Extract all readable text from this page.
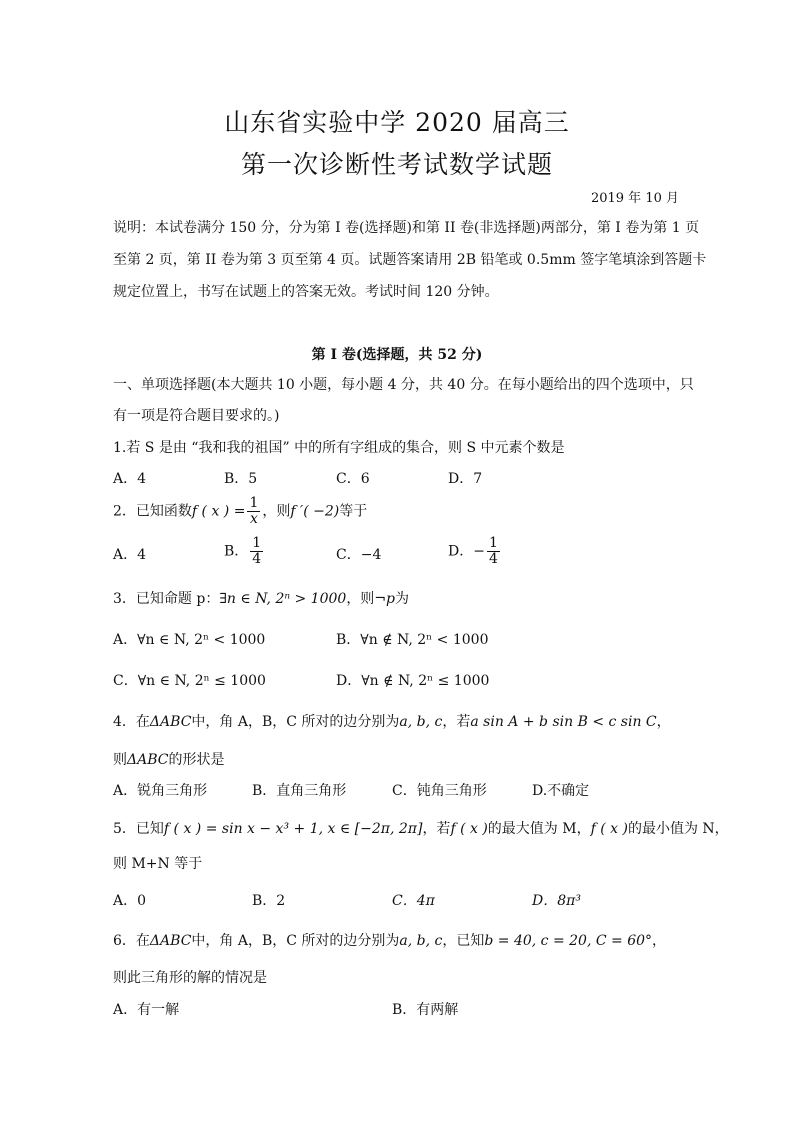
山东省实验中学 2020 届高三
第一次诊断性考试数学试题
2019 年 10 月
说明：本试卷满分 150 分，分为第 I 卷(选择题)和第 II 卷(非选择题)两部分，第 I 卷为第 1 页
至第 2 页，第 II 卷为第 3 页至第 4 页。试题答案请用 2B 铅笔或 0.5mm 签字笔填涂到答题卡
规定位置上，书写在试题上的答案无效。考试时间 120 分钟。
第 I 卷(选择题，共 52 分)
一、单项选择题(本大题共 10 小题，每小题 4 分，共 40 分。在每小题给出的四个选项中，只
有一项是符合题目要求的。)
1.若 S 是由 “我和我的祖国” 中的所有字组成的集合，则 S 中元素个数是
A．4	B．5	C．6	D．7
2．已知函数f ( x ) = $\frac{1}{x}$ ，则f ′( −2)等于
A．4	B． $\frac{1}{4}$	C．−4	D．− $\frac{1}{4}$
3．已知命题 p：∃n ∈ N, 2ⁿ > 1000，则¬p为
A．∀n ∈ N, 2ⁿ < 1000	B．∀n ∉ N, 2ⁿ < 1000
C．∀n ∈ N, 2ⁿ ≤ 1000	D．∀n ∉ N, 2ⁿ ≤ 1000
4．在ΔABC中，角 A，B，C 所对的边分别为a, b, c，若a sin A + b sin B < c sin C，
则ΔABC的形状是
A．锐角三角形	B．直角三角形	C．钝角三角形	D.不确定
5．已知f ( x ) = sin x − x³ + 1, x ∈ [−2π, 2π]，若f ( x )的最大值为 M，f ( x )的最小值为 N，
则 M+N 等于
A．0	B．2	C．4π	D．8π³
6．在ΔABC中，角 A，B，C 所对的边分别为a, b, c，已知b = 40, c = 20, C = 60°，
则此三角形的解的情况是
A．有一解	B．有两解
